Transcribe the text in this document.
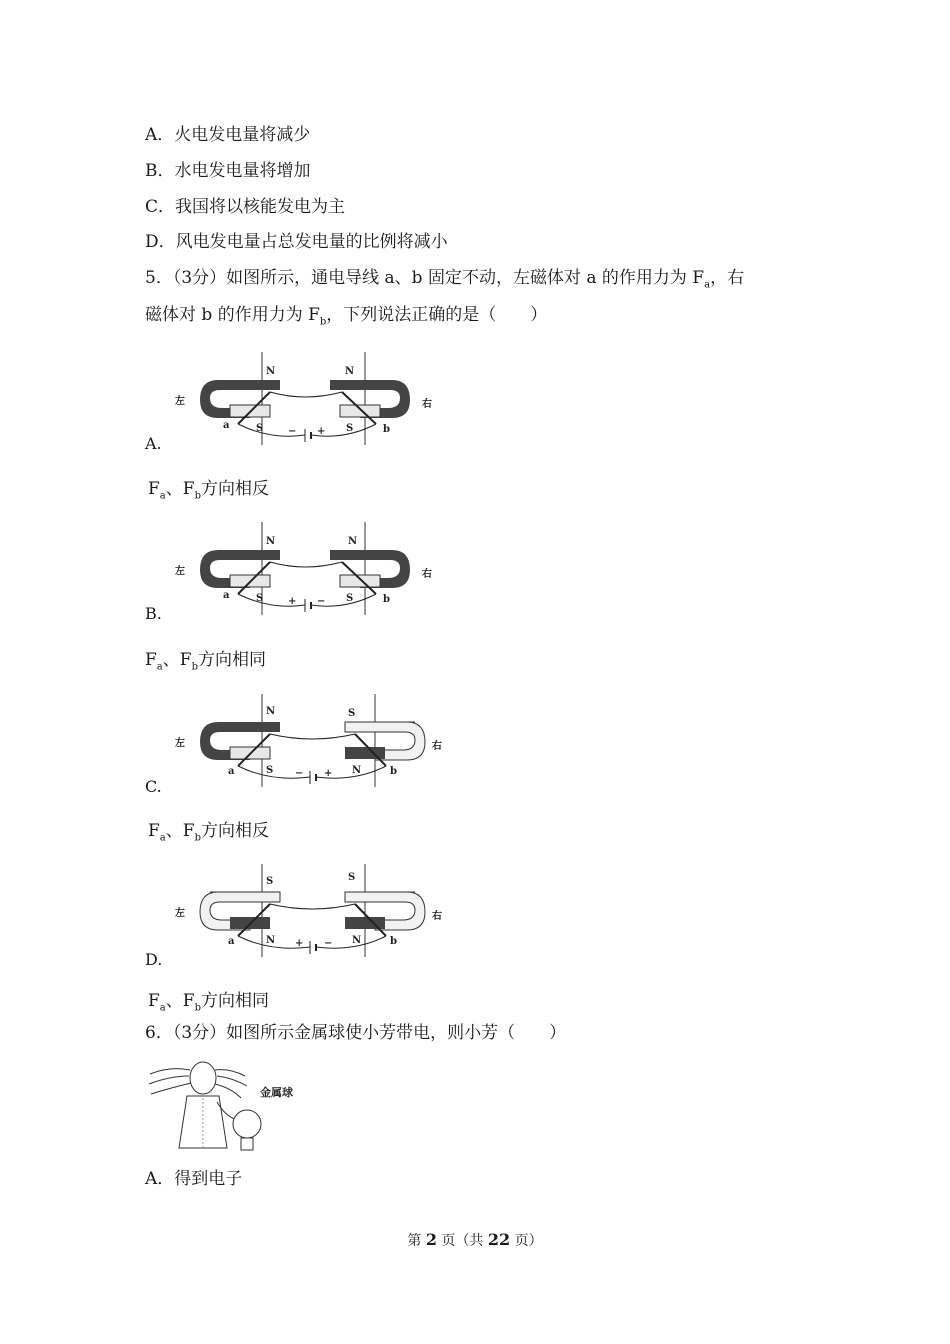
A．火电发电量将减少
B．水电发电量将增加
C．我国将以核能发电为主
D．风电发电量占总发电量的比例将减小
5．（3分）如图所示，通电导线 a、b 固定不动，左磁体对 a 的作用力为 $F_a$，右
磁体对 b 的作用力为 $F_b$，下列说法正确的是（　　）
左	右
N	N
S	S
a	b
− +
A.
$F_a$、$F_b$方向相反
左	右
N	N
S	S
a	b
+ −
B.
$F_a$、$F_b$方向相同
左	右
N	S
S	N
a	b
− +
C.
$F_a$、$F_b$方向相反
左	右
S	S
N	N
a	b
+ −
D.
$F_a$、$F_b$方向相同
6．（3分）如图所示金属球使小芳带电，则小芳（　　）
金属球
A．得到电子
第 2 页（共 22 页）
